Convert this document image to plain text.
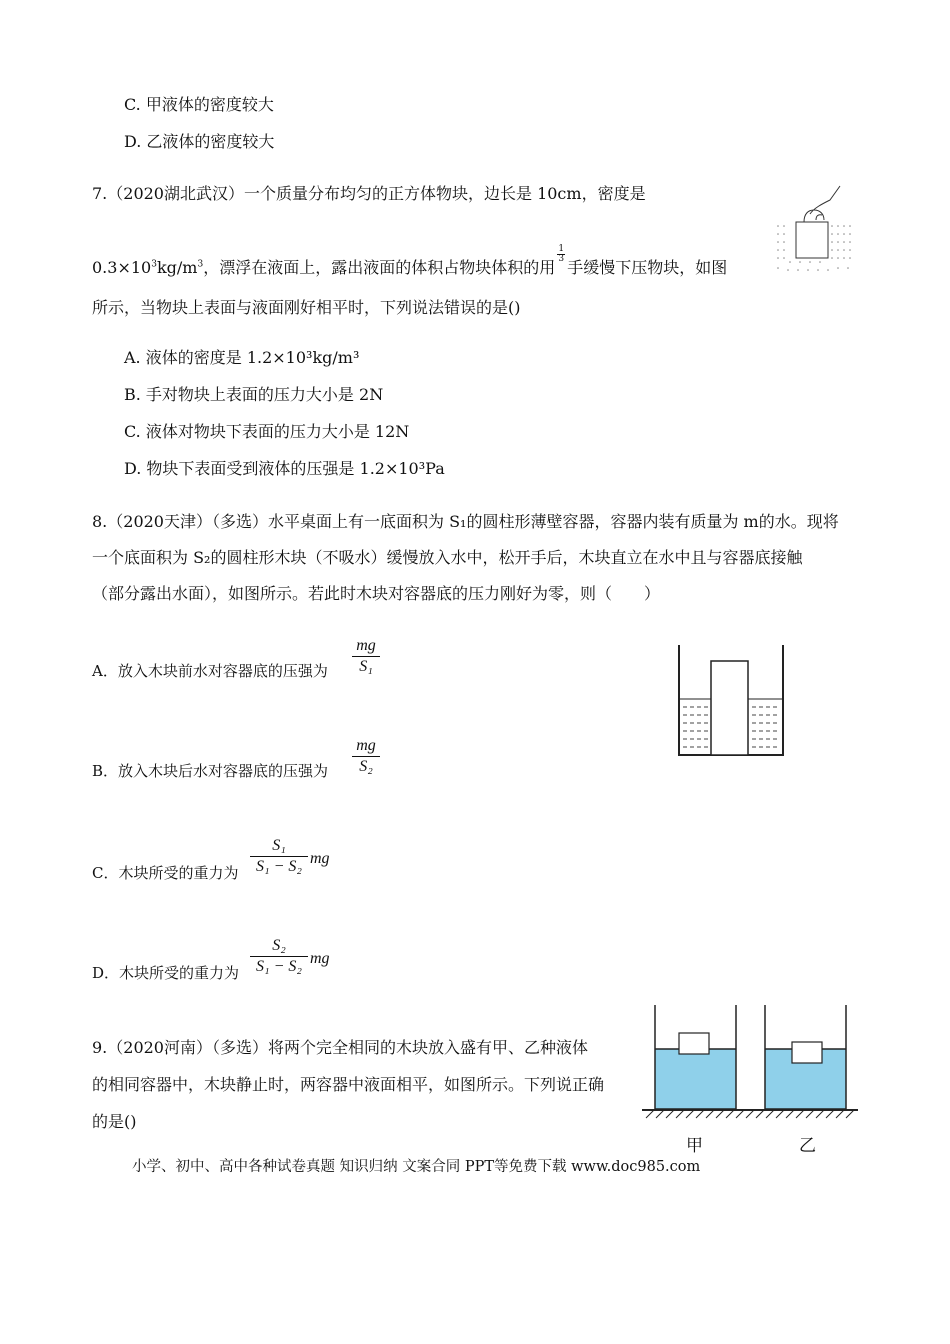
C. 甲液体的密度较大
D. 乙液体的密度较大
7.（2020湖北武汉）一个质量分布均匀的正方体物块，边长是 10cm，密度是
$0.3\times 10^3kg/m^3$，漂浮在液面上，露出液面的体积占物块体积的用
$\frac{1}{3}$
手缓慢下压物块，如图
所示，当物块上表面与液面刚好相平时，下列说法错误的是()
A. 液体的密度是 1.2×10³kg/m³
B. 手对物块上表面的压力大小是 2N
C. 液体对物块下表面的压力大小是 12N
D. 物块下表面受到液体的压强是 1.2×10³Pa
8.（2020天津）（多选）水平桌面上有一底面积为 S₁的圆柱形薄壁容器，容器内装有质量为 m的水。现将
一个底面积为 S₂的圆柱形木块（不吸水）缓慢放入水中，松开手后，木块直立在水中且与容器底接触
（部分露出水面），如图所示。若此时木块对容器底的压力刚好为零，则（　　）
A．放入木块前水对容器底的压强为
mg
S₁
B．放入木块后水对容器底的压强为
mg
S₂
C．木块所受的重力为
S₁
S₁ − S₂ mg
D．木块所受的重力为
S₂
S₁ − S₂ mg
9.（2020河南）（多选）将两个完全相同的木块放入盛有甲、乙种液体
的相同容器中，木块静止时，两容器中液面相平，如图所示。下列说正确
的是()
甲	乙
小学、初中、高中各种试卷真题 知识归纳 文案合同 PPT等免费下载 www.doc985.com
